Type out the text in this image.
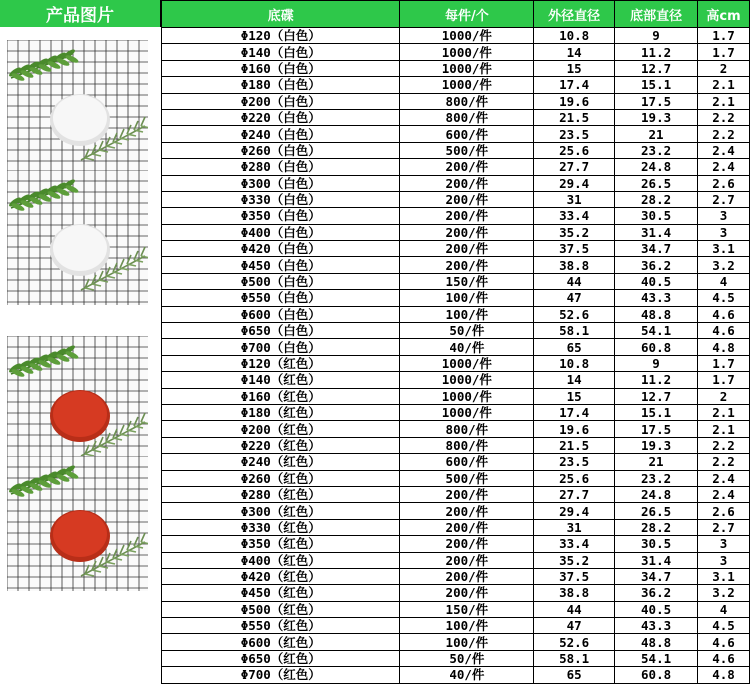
产品图片	底碟	每件/个	外径直径	底部直径	高cm
Φ120（白色）	1000/件	10.8	9	1.7
Φ140（白色）	1000/件	14	11.2	1.7
Φ160（白色）	1000/件	15	12.7	2
Φ180（白色）	1000/件	17.4	15.1	2.1
Φ200（白色）	800/件	19.6	17.5	2.1
Φ220（白色）	800/件	21.5	19.3	2.2
Φ240（白色）	600/件	23.5	21	2.2
Φ260（白色）	500/件	25.6	23.2	2.4
Φ280（白色）	200/件	27.7	24.8	2.4
Φ300（白色）	200/件	29.4	26.5	2.6
Φ330（白色）	200/件	31	28.2	2.7
Φ350（白色）	200/件	33.4	30.5	3
Φ400（白色）	200/件	35.2	31.4	3
Φ420（白色）	200/件	37.5	34.7	3.1
Φ450（白色）	200/件	38.8	36.2	3.2
Φ500（白色）	150/件	44	40.5	4
Φ550（白色）	100/件	47	43.3	4.5
Φ600（白色）	100/件	52.6	48.8	4.6
Φ650（白色）	50/件	58.1	54.1	4.6
Φ700（白色）	40/件	65	60.8	4.8
Φ120（红色）	1000/件	10.8	9	1.7
Φ140（红色）	1000/件	14	11.2	1.7
Φ160（红色）	1000/件	15	12.7	2
Φ180（红色）	1000/件	17.4	15.1	2.1
Φ200（红色）	800/件	19.6	17.5	2.1
Φ220（红色）	800/件	21.5	19.3	2.2
Φ240（红色）	600/件	23.5	21	2.2
Φ260（红色）	500/件	25.6	23.2	2.4
Φ280（红色）	200/件	27.7	24.8	2.4
Φ300（红色）	200/件	29.4	26.5	2.6
Φ330（红色）	200/件	31	28.2	2.7
Φ350（红色）	200/件	33.4	30.5	3
Φ400（红色）	200/件	35.2	31.4	3
Φ420（红色）	200/件	37.5	34.7	3.1
Φ450（红色）	200/件	38.8	36.2	3.2
Φ500（红色）	150/件	44	40.5	4
Φ550（红色）	100/件	47	43.3	4.5
Φ600（红色）	100/件	52.6	48.8	4.6
Φ650（红色）	50/件	58.1	54.1	4.6
Φ700（红色）	40/件	65	60.8	4.8
